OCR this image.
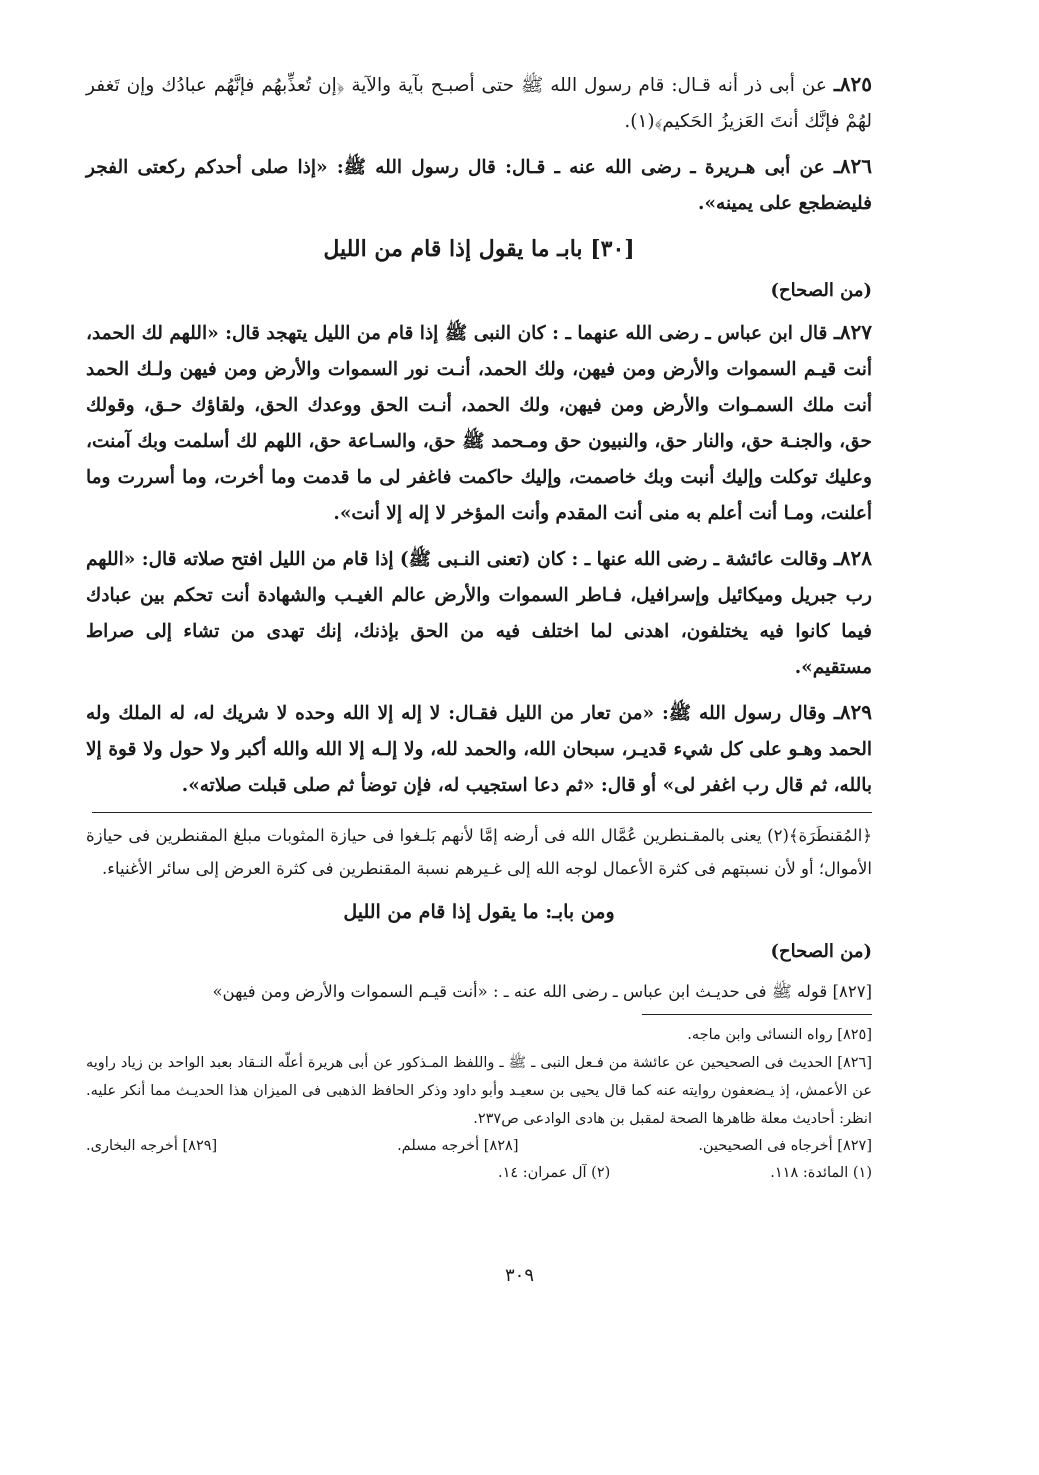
٨٢٥ـ عن أبى ذر أنه قـال: قام رسول الله ﷺ حتى أصبـح بآية والآية ﴿إن تُعذِّبهُم فإنَّهُم عبادُك وإن تَغفر لهُمْ فإنَّك أنتَ العَزيزُ الحَكيم﴾(١).

٨٢٦ـ عن أبى هـريرة ـ رضى الله عنه ـ قـال: قال رسول الله ﷺ: «إذا صلى أحدكم ركعتى الفجر فليضطجع على يمينه».

[٣٠] بابـ ما يقول إذا قام من الليل
(من الصحاح)

٨٢٧ـ قال ابن عباس ـ رضى الله عنهما ـ : كان النبى ﷺ إذا قام من الليل يتهجد قال: «اللهم لك الحمد، أنت قيـم السموات والأرض ومن فيهن، ولك الحمد، أنـت نور السموات والأرض ومن فيهن ولـك الحمد أنت ملك السمـوات والأرض ومن فيهن، ولك الحمد، أنـت الحق ووعدك الحق، ولقاؤك حـق، وقولك حق، والجنـة حق، والنار حق، والنبيون حق ومـحمد ﷺ حق، والسـاعة حق، اللهم لك أسلمت وبك آمنت، وعليك توكلت وإليك أنبت وبك خاصمت، وإليك حاكمت فاغفر لى ما قدمت وما أخرت، وما أسررت وما أعلنت، ومـا أنت أعلم به منى أنت المقدم وأنت المؤخر لا إله إلا أنت».

٨٢٨ـ وقالت عائشة ـ رضى الله عنها ـ : كان (تعنى النـبى ﷺ) إذا قام من الليل افتح صلاته قال: «اللهم رب جبريل وميكائيل وإسرافيل، فـاطر السموات والأرض عالم الغيـب والشهادة أنت تحكم بين عبادك فيما كانوا فيه يختلفون، اهدنى لما اختلف فيه من الحق بإذنك، إنك تهدى من تشاء إلى صراط مستقيم».

٨٢٩ـ وقال رسول الله ﷺ: «من تعار من الليل فقـال: لا إله إلا الله وحده لا شريك له، له الملك وله الحمد وهـو على كل شيء قديـر، سبحان الله، والحمد لله، ولا إلـه إلا الله والله أكبر ولا حول ولا قوة إلا بالله، ثم قال رب اغفر لى» أو قال: «ثم دعا استجيب له، فإن توضأ ثم صلى قبلت صلاته».

﴿المُقنطَرَة﴾(٢) يعنى بالمقـنطرين عُمَّال الله فى أرضه إمَّا لأنهم بَلـغوا فى حيازة المثوبات مبلغ المقنطرين فى حيازة الأموال؛ أو لأن نسبتهم فى كثرة الأعمال لوجه الله إلى غـيرهم نسبة المقنطرين فى كثرة العرض إلى سائر الأغنياء.

ومن بابـ: ما يقول إذا قام من الليل
(من الصحاح)

[٨٢٧] قوله ﷺ فى حديـث ابن عباس ـ رضى الله عنه ـ : «أنت قيـم السموات والأرض ومن فيهن»

[٨٢٥] رواه النسائى وابن ماجه.

[٨٢٦] الحديث فى الصحيحين عن عائشة من فـعل النبى ـ ﷺ ـ واللفظ المـذكور عن أبى هريرة أعلّه النـقاد بعبد الواحد بن زياد راويه عن الأعمش، إذ يـضعفون روايته عنه كما قال يحيى بن سعيـد وأبو داود وذكر الحافظ الذهبى فى الميزان هذا الحديـث مما أنكر عليه. انظر: أحاديث معلة ظاهرها الصحة لمقبل بن هادى الوادعى ص٢٣٧.

[٨٢٧] أخرجاه فى الصحيحين.
[٨٢٨] أخرجه مسلم.
[٨٢٩] أخرجه البخارى.
(١) المائدة: ١١٨.
(٢) آل عمران: ١٤.
٣٠٩
